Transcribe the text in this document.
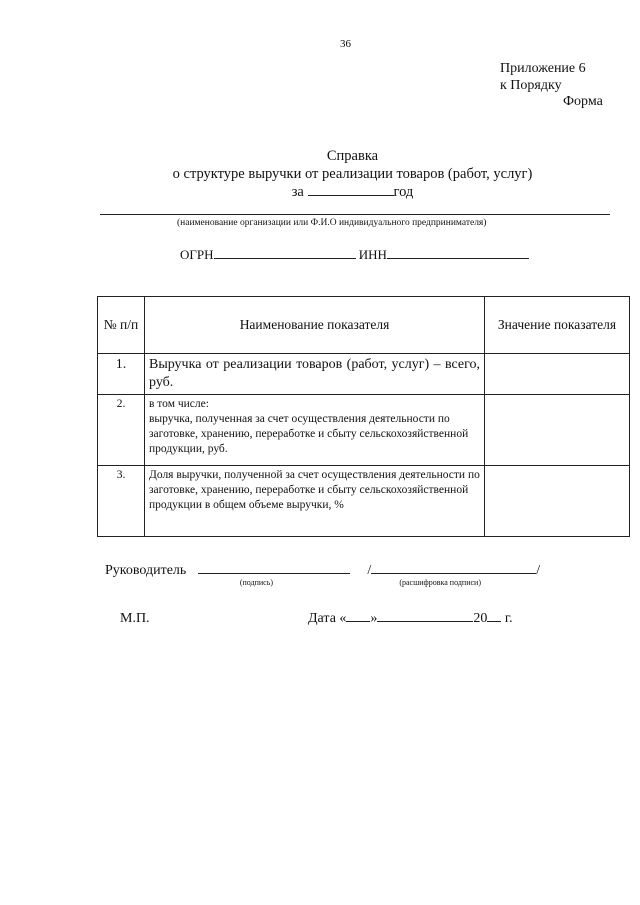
36
Приложение 6
к Порядку
Форма
Справка
о структуре выручки от реализации товаров (работ, услуг)
за	год
(наименование организации или Ф.И.О индивидуального предпринимателя)
ОГРН	ИНН
№ п/п	Наименование показателя	Значение показателя
1.	Выручка от реализации товаров (работ, услуг) – всего, руб.	
2.	в том числе:
выручка, полученная за счет осуществления деятельности по заготовке, хранению, переработке и сбыту сельскохозяйственной продукции, руб.	

3.	Доля выручки, полученной за счет осуществления деятельности по заготовке, хранению, переработке и сбыту сельскохозяйственной продукции в общем объеме выручки, %	
Руководитель
(подпись)
/	/
(расшифровка подписи)
М.П.	Дата « »	20 г.
